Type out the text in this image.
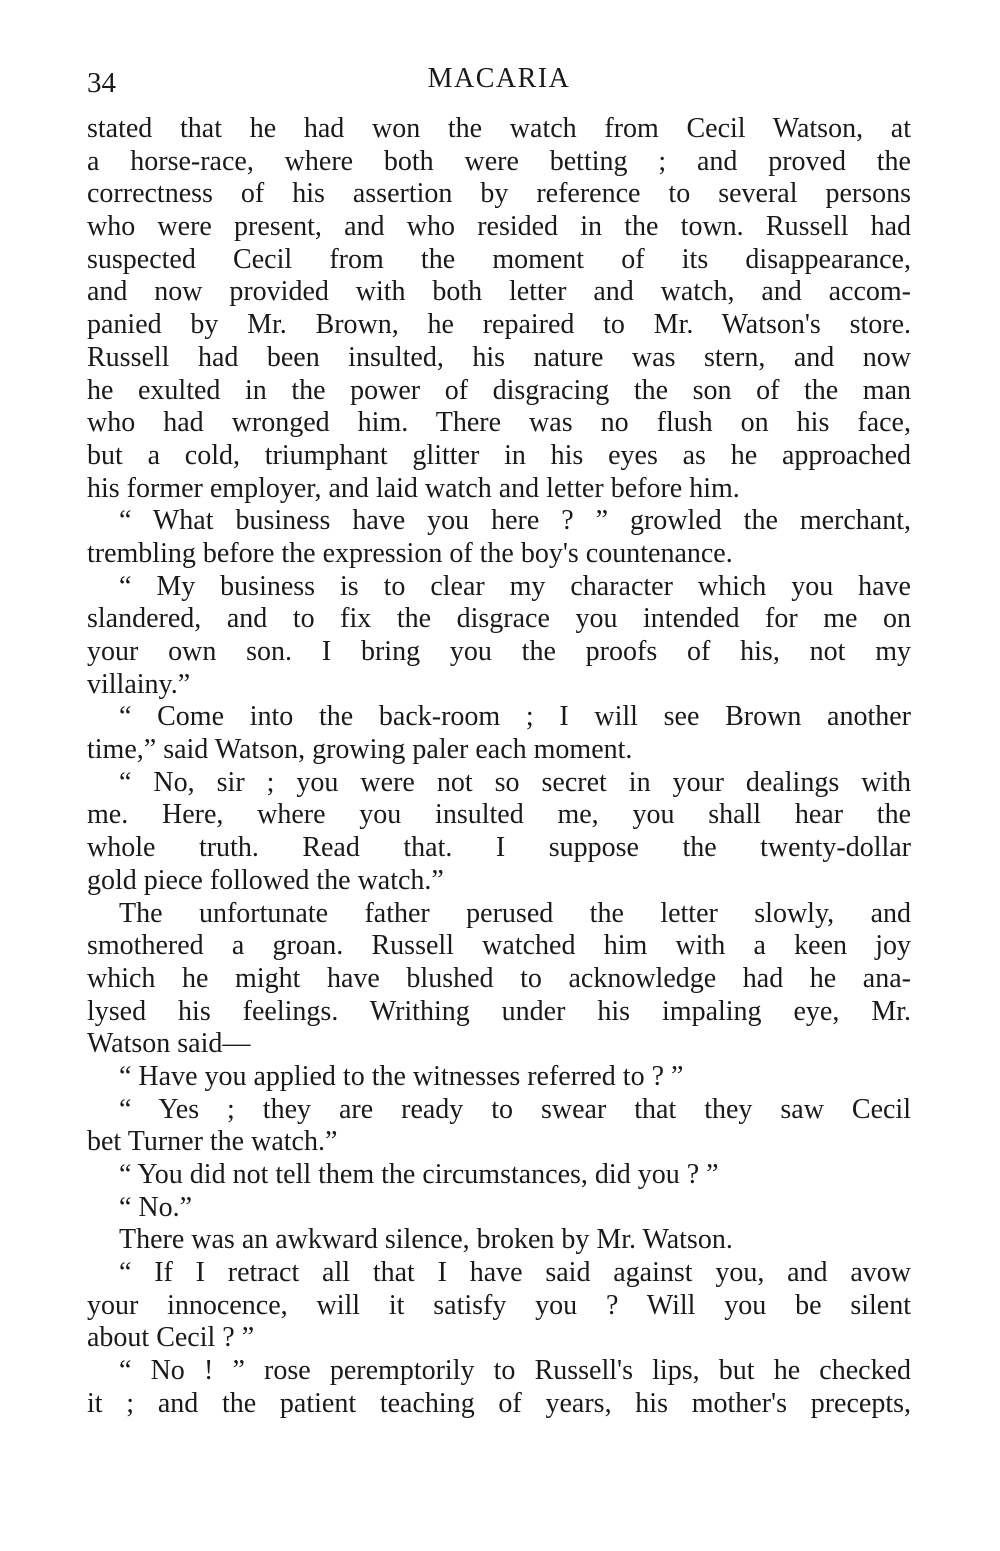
34	MACARIA
stated that he had won the watch from Cecil Watson, at
a horse-race, where both were betting ; and proved the
correctness of his assertion by reference to several persons
who were present, and who resided in the town. Russell had
suspected Cecil from the moment of its disappearance,
and now provided with both letter and watch, and accom-
panied by Mr. Brown, he repaired to Mr. Watson's store.
Russell had been insulted, his nature was stern, and now
he exulted in the power of disgracing the son of the man
who had wronged him. There was no flush on his face,
but a cold, triumphant glitter in his eyes as he approached
his former employer, and laid watch and letter before him.
“ What business have you here ? ” growled the merchant,
trembling before the expression of the boy's countenance.
“ My business is to clear my character which you have
slandered, and to fix the disgrace you intended for me on
your own son. I bring you the proofs of his, not my
villainy.”
“ Come into the back-room ; I will see Brown another
time,” said Watson, growing paler each moment.
“ No, sir ; you were not so secret in your dealings with
me. Here, where you insulted me, you shall hear the
whole truth. Read that. I suppose the twenty-dollar
gold piece followed the watch.”
The unfortunate father perused the letter slowly, and
smothered a groan. Russell watched him with a keen joy
which he might have blushed to acknowledge had he ana-
lysed his feelings. Writhing under his impaling eye, Mr.
Watson said—
“ Have you applied to the witnesses referred to ? ”
“ Yes ; they are ready to swear that they saw Cecil
bet Turner the watch.”
“ You did not tell them the circumstances, did you ? ”
“ No.”
There was an awkward silence, broken by Mr. Watson.
“ If I retract all that I have said against you, and avow
your innocence, will it satisfy you ? Will you be silent
about Cecil ? ”
“ No ! ” rose peremptorily to Russell's lips, but he checked
it ; and the patient teaching of years, his mother's precepts,
